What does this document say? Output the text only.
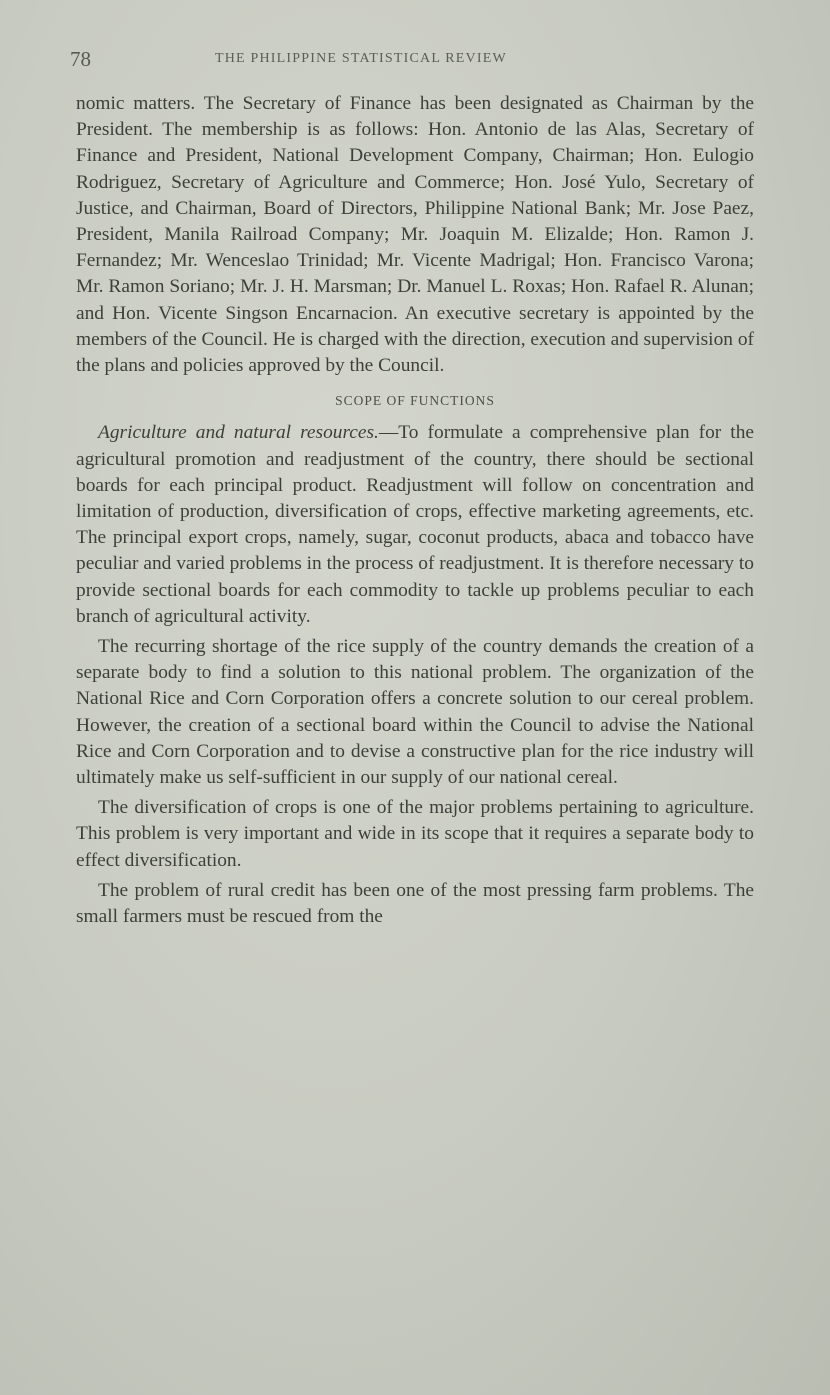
78	THE PHILIPPINE STATISTICAL REVIEW

nomic matters. The Secretary of Finance has been designated as Chairman by the President. The membership is as follows: Hon. Antonio de las Alas, Secretary of Finance and President, National Development Company, Chairman; Hon. Eulogio Rodriguez, Secretary of Agriculture and Commerce; Hon. José Yulo, Secretary of Justice, and Chairman, Board of Directors, Philippine National Bank; Mr. Jose Paez, President, Manila Railroad Company; Mr. Joaquin M. Elizalde; Hon. Ramon J. Fernandez; Mr. Wenceslao Trinidad; Mr. Vicente Madrigal; Hon. Francisco Varona; Mr. Ramon Soriano; Mr. J. H. Marsman; Dr. Manuel L. Roxas; Hon. Rafael R. Alunan; and Hon. Vicente Singson Encarnacion. An executive secretary is appointed by the members of the Council. He is charged with the direction, execution and supervision of the plans and policies approved by the Council.

SCOPE OF FUNCTIONS

Agriculture and natural resources.—To formulate a comprehensive plan for the agricultural promotion and readjustment of the country, there should be sectional boards for each principal product. Readjustment will follow on concentration and limitation of production, diversification of crops, effective marketing agreements, etc. The principal export crops, namely, sugar, coconut products, abaca and tobacco have peculiar and varied problems in the process of readjustment. It is therefore necessary to provide sectional boards for each commodity to tackle up problems peculiar to each branch of agricultural activity.

The recurring shortage of the rice supply of the country demands the creation of a separate body to find a solution to this national problem. The organization of the National Rice and Corn Corporation offers a concrete solution to our cereal problem. However, the creation of a sectional board within the Council to advise the National Rice and Corn Corporation and to devise a constructive plan for the rice industry will ultimately make us self-sufficient in our supply of our national cereal.

The diversification of crops is one of the major problems pertaining to agriculture. This problem is very important and wide in its scope that it requires a separate body to effect diversification.

The problem of rural credit has been one of the most pressing farm problems. The small farmers must be rescued from the
